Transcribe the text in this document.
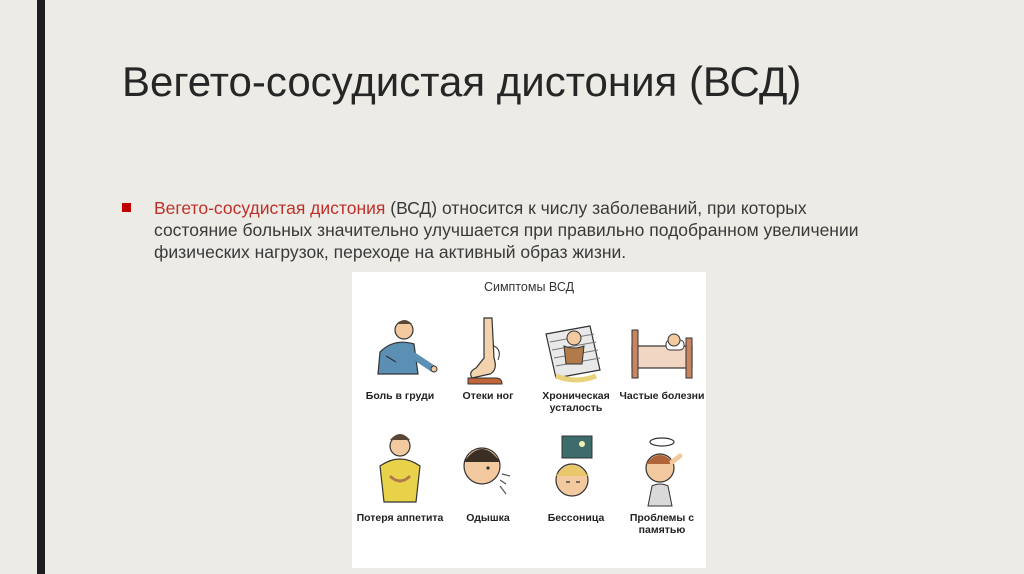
Вегето-сосудистая дистония (ВСД)
Вегето-сосудистая дистония (ВСД) относится к числу заболеваний, при которых состояние больных значительно улучшается при правильно подобранном увеличении физических нагрузок, переходе на активный образ жизни.
Симптомы ВСД
Боль в груди	Отеки ног	Хроническая усталость
Частые болезни
Потеря аппетита	Одышка	Бессоница	Проблемы с памятью
